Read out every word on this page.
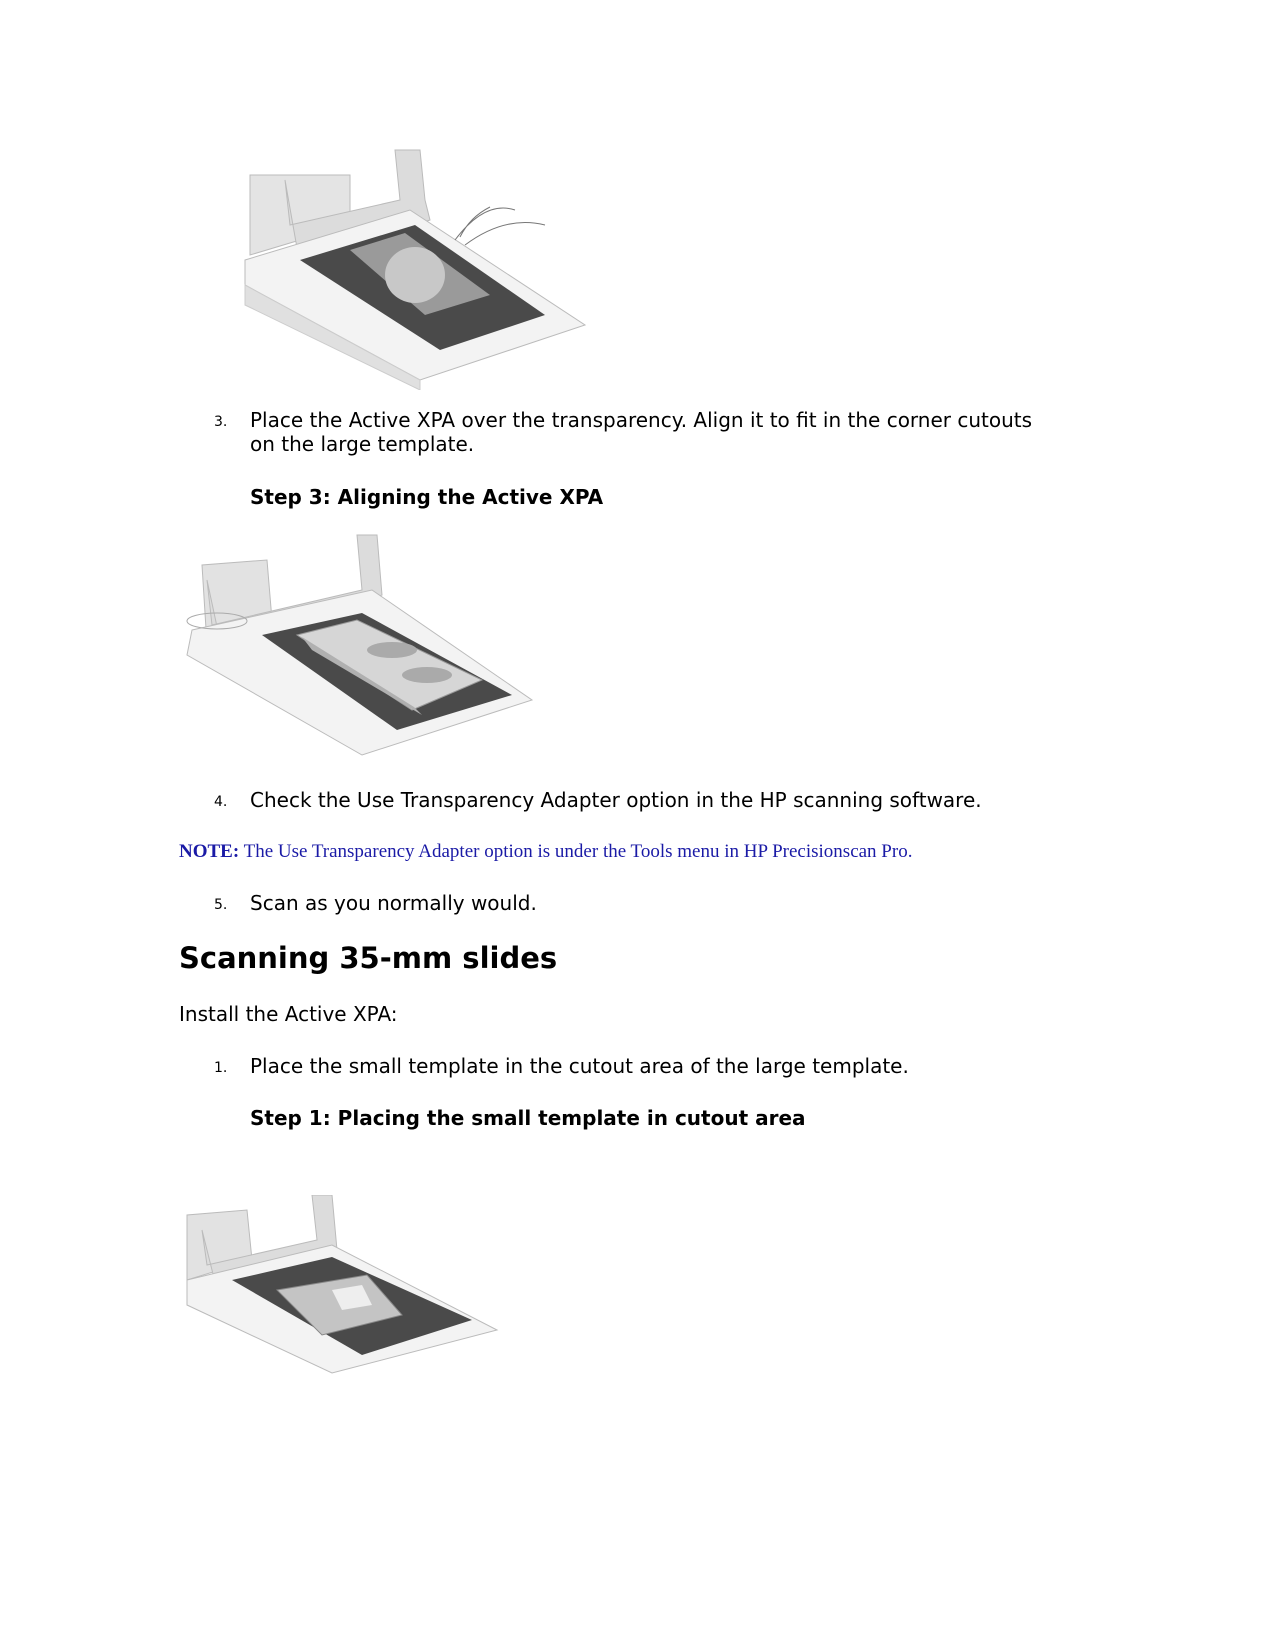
3. Place the Active XPA over the transparency. Align it to fit in the corner cutouts
on the large template.
Step 3: Aligning the Active XPA
4. Check the Use Transparency Adapter option in the HP scanning software.
NOTE: The Use Transparency Adapter option is under the Tools menu in HP Precisionscan Pro.
5. Scan as you normally would.
Scanning 35-mm slides
Install the Active XPA:
1. Place the small template in the cutout area of the large template.
Step 1: Placing the small template in cutout area
